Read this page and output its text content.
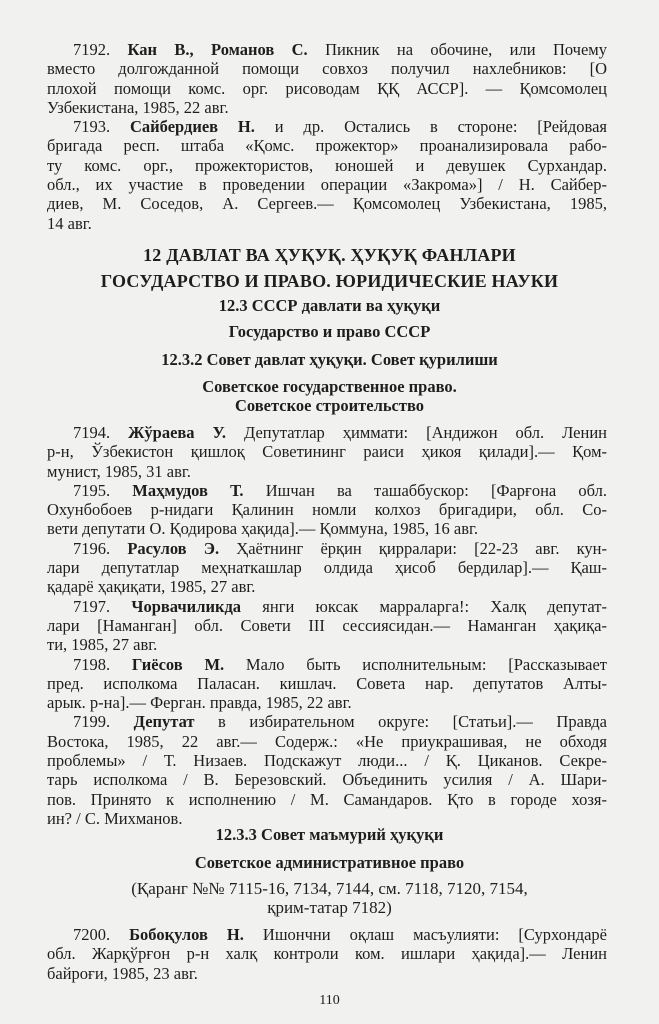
7192. Кан В., Романов С. Пикник на обочине, или Почему
вместо долгожданной помощи совхоз получил нахлебников: [О
плохой помощи комс. орг. рисоводам ҚҚ АССР]. — Қомсомолец
Узбекистана, 1985, 22 авг.
7193. Сайбердиев Н. и др. Остались в стороне: [Рейдовая
бригада респ. штаба «Қомс. прожектор» проанализировала рабо-
ту комс. орг., прожектористов, юношей и девушек Сурхандар.
обл., их участие в проведении операции «Закрома»] / Н. Сайбер-
диев, М. Соседов, А. Сергеев.— Қомсомолец Узбекистана, 1985,
14 авг.
12 ДАВЛАТ ВА ҲУҚУҚ. ҲУҚУҚ ФАНЛАРИ
ГОСУДАРСТВО И ПРАВО. ЮРИДИЧЕСКИЕ НАУКИ
12.3 СССР давлати ва ҳуқуқи
Государство и право СССР
12.3.2 Совет давлат ҳуқуқи. Совет қурилиши
Советское государственное право.
Советское строительство
7194. Жўраева У. Депутатлар ҳиммати: [Андижон обл. Ленин
р-н, Ўзбекистон қишлоқ Советининг раиси ҳикоя қилади].— Қом-
мунист, 1985, 31 авг.
7195. Маҳмудов Т. Ишчан ва ташаббускор: [Фарғона обл.
Охунбобоев р-нидаги Қалинин номли колхоз бригадири, обл. Со-
вети депутати О. Қодирова ҳақида].— Қоммуна, 1985, 16 авг.
7196. Расулов Э. Ҳаётнинг ёрқин қирралари: [22-23 авг. кун-
лари депутатлар меҳнаткашлар олдида ҳисоб бердилар].— Қаш-
қадарё ҳақиқати, 1985, 27 авг.
7197. Чорвачиликда янги юксак марраларга!: Халқ депутат-
лари [Наманган] обл. Совети III сессиясидан.— Наманган ҳақиқа-
ти, 1985, 27 авг.
7198. Гиёсов М. Мало быть исполнительным: [Рассказывает
пред. исполкома Паласан. кишлач. Совета нар. депутатов Алты-
арык. р-на].— Ферган. правда, 1985, 22 авг.
7199. Депутат в избирательном округе: [Статьи].— Правда
Востока, 1985, 22 авг.— Содерж.: «Не приукрашивая, не обходя
проблемы» / Т. Низаев. Подскажут люди... / Қ. Циканов. Секре-
тарь исполкома / В. Березовский. Объединить усилия / А. Шари-
пов. Принято к исполнению / М. Самандаров. Қто в городе хозя-
ин? / С. Михманов.
12.3.3 Совет маъмурий ҳуқуқи
Советское административное право
(Қаранг №№ 7115-16, 7134, 7144, см. 7118, 7120, 7154,
қрим-татар 7182)
7200. Бобоқулов Н. Ишончни оқлаш масъулияти: [Сурхондарё
обл. Жарқўрғон р-н халқ контроли ком. ишлари ҳақида].— Ленин
байроғи, 1985, 23 авг.
110
